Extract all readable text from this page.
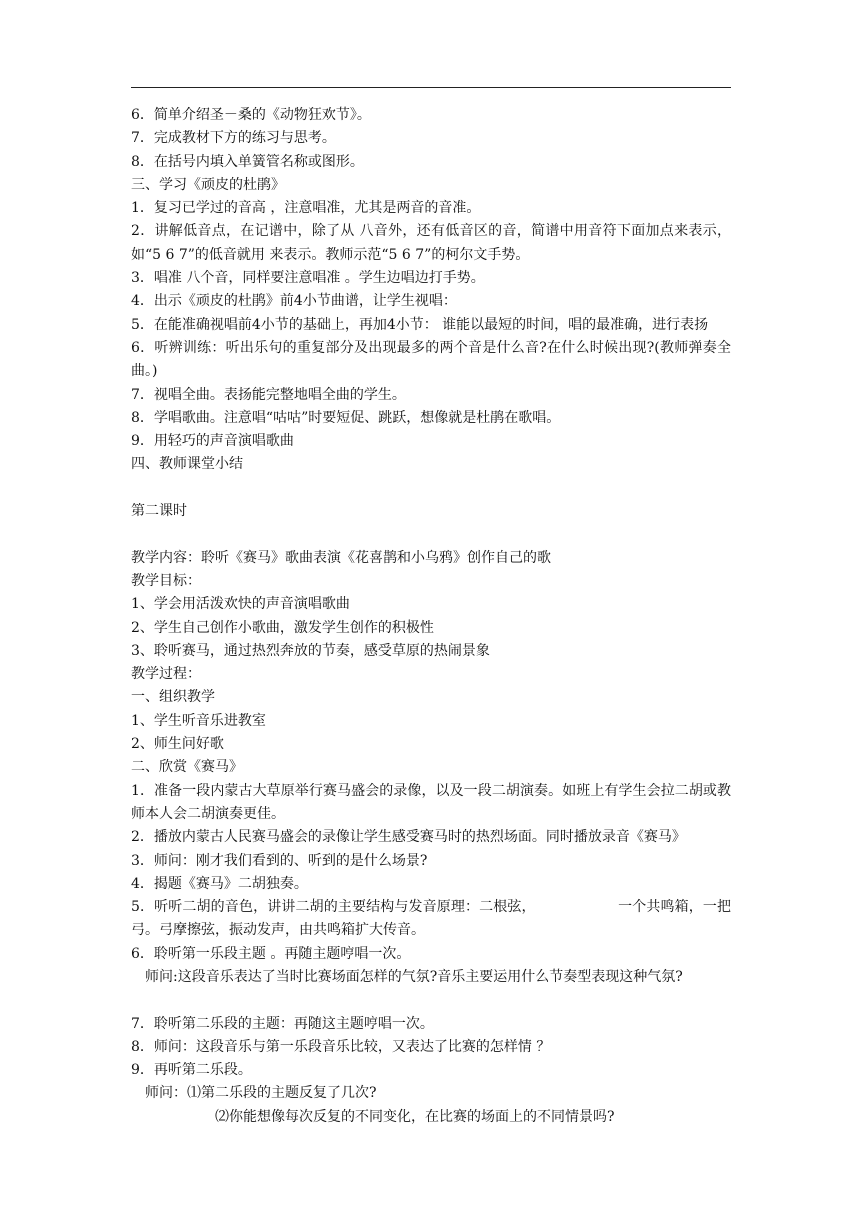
6．简单介绍圣－桑的《动物狂欢节》。

7．完成教材下方的练习与思考。

8．在括号内填入单簧管名称或图形。

三、学习《顽皮的杜鹃》

1．复习已学过的音高 ，注意唱准，尤其是两音的音准。

2．讲解低音点，在记谱中，除了从 八音外，还有低音区的音，简谱中用音符下面加点来表示，如“5 6 7”的低音就用 来表示。教师示范“5 6 7”的柯尔文手势。

3．唱准 八个音，同样要注意唱准 。学生边唱边打手势。

4．出示《顽皮的杜鹃》前4小节曲谱，让学生视唱：

5．在能准确视唱前4小节的基础上，再加4小节： 谁能以最短的时间，唱的最准确，进行表扬

6．听辨训练：听出乐句的重复部分及出现最多的两个音是什么音?在什么时候出现?(教师弹奏全曲。)

7．视唱全曲。表扬能完整地唱全曲的学生。

8．学唱歌曲。注意唱“咕咕”时要短促、跳跃，想像就是杜鹃在歌唱。

9．用轻巧的声音演唱歌曲

四、教师课堂小结

第二课时

教学内容：聆听《赛马》歌曲表演《花喜鹊和小乌鸦》创作自己的歌

教学目标：

1、学会用活泼欢快的声音演唱歌曲

2、学生自己创作小歌曲，激发学生创作的积极性

3、聆听赛马，通过热烈奔放的节奏，感受草原的热闹景象

教学过程：

一、组织教学

1、学生听音乐进教室

2、师生问好歌

二、欣赏《赛马》

1．准备一段内蒙古大草原举行赛马盛会的录像，以及一段二胡演奏。如班上有学生会拉二胡或教师本人会二胡演奏更佳。

2．播放内蒙古人民赛马盛会的录像让学生感受赛马时的热烈场面。同时播放录音《赛马》

3．师问：刚才我们看到的、听到的是什么场景?

4．揭题《赛马》二胡独奏。

5．听听二胡的音色，讲讲二胡的主要结构与发音原理：二根弦，                  一个共鸣箱，一把弓。弓摩擦弦，振动发声，由共鸣箱扩大传音。

6．聆听第一乐段主题 。再随主题哼唱一次。

师问:这段音乐表达了当时比赛场面怎样的气氛?音乐主要运用什么节奏型表现这种气氛?

7．聆听第二乐段的主题：再随这主题哼唱一次。

8．师问：这段音乐与第一乐段音乐比较，又表达了比赛的怎样情 ？

9．再听第二乐段。

师问：⑴第二乐段的主题反复了几次?

⑵你能想像每次反复的不同变化，在比赛的场面上的不同情景吗?
